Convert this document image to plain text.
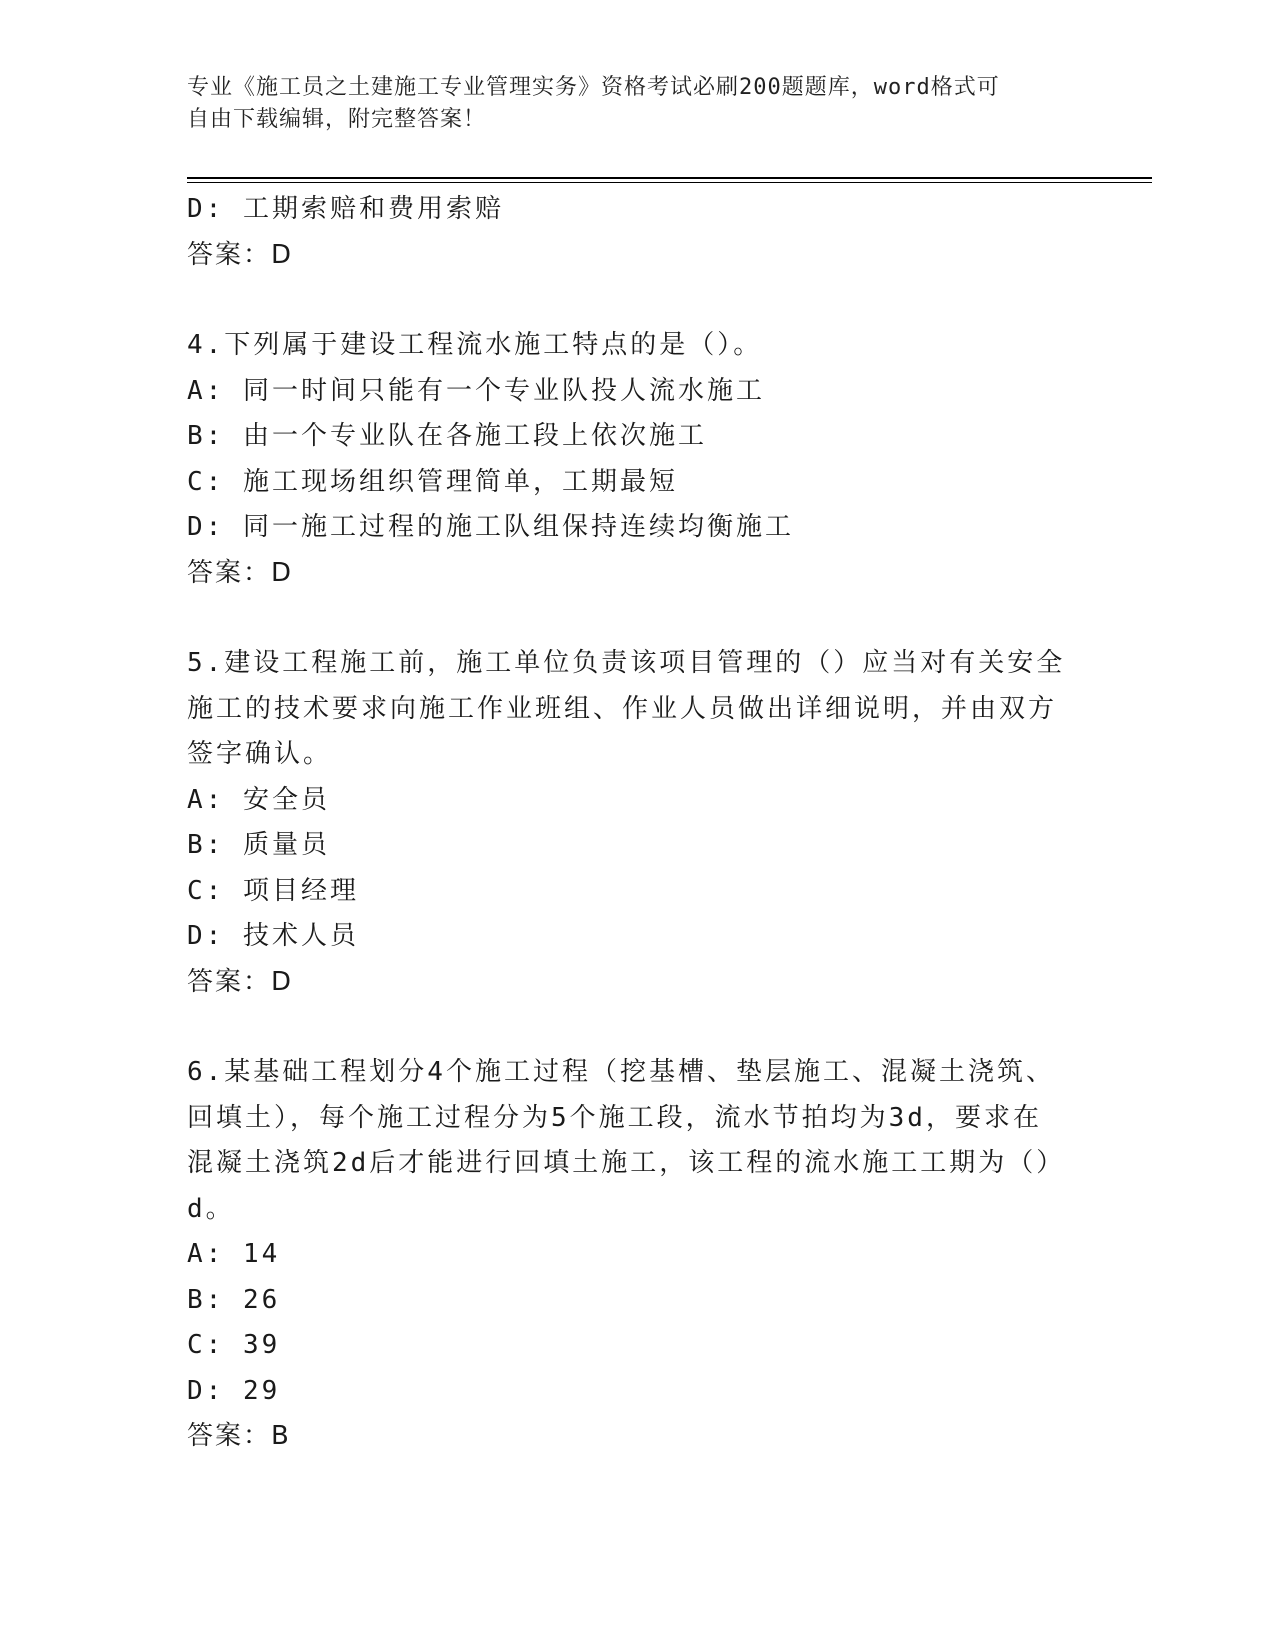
专业《施工员之土建施工专业管理实务》资格考试必刷200题题库，word格式可
自由下载编辑，附完整答案！

D: 工期索赔和费用索赔

答案：D

4.下列属于建设工程流水施工特点的是（）。

A: 同一时间只能有一个专业队投人流水施工

B: 由一个专业队在各施工段上依次施工

C: 施工现场组织管理简单，工期最短

D: 同一施工过程的施工队组保持连续均衡施工

答案：D

5.建设工程施工前，施工单位负责该项目管理的（）应当对有关安全施工的技术要求向施工作业班组、作业人员做出详细说明，并由双方签字确认。

A: 安全员

B: 质量员

C: 项目经理

D: 技术人员

答案：D

6.某基础工程划分4个施工过程（挖基槽、垫层施工、混凝土浇筑、回填土），每个施工过程分为5个施工段，流水节拍均为3d，要求在混凝土浇筑2d后才能进行回填土施工，该工程的流水施工工期为（）d。

A: 14

B: 26

C: 39

D: 29

答案：B
